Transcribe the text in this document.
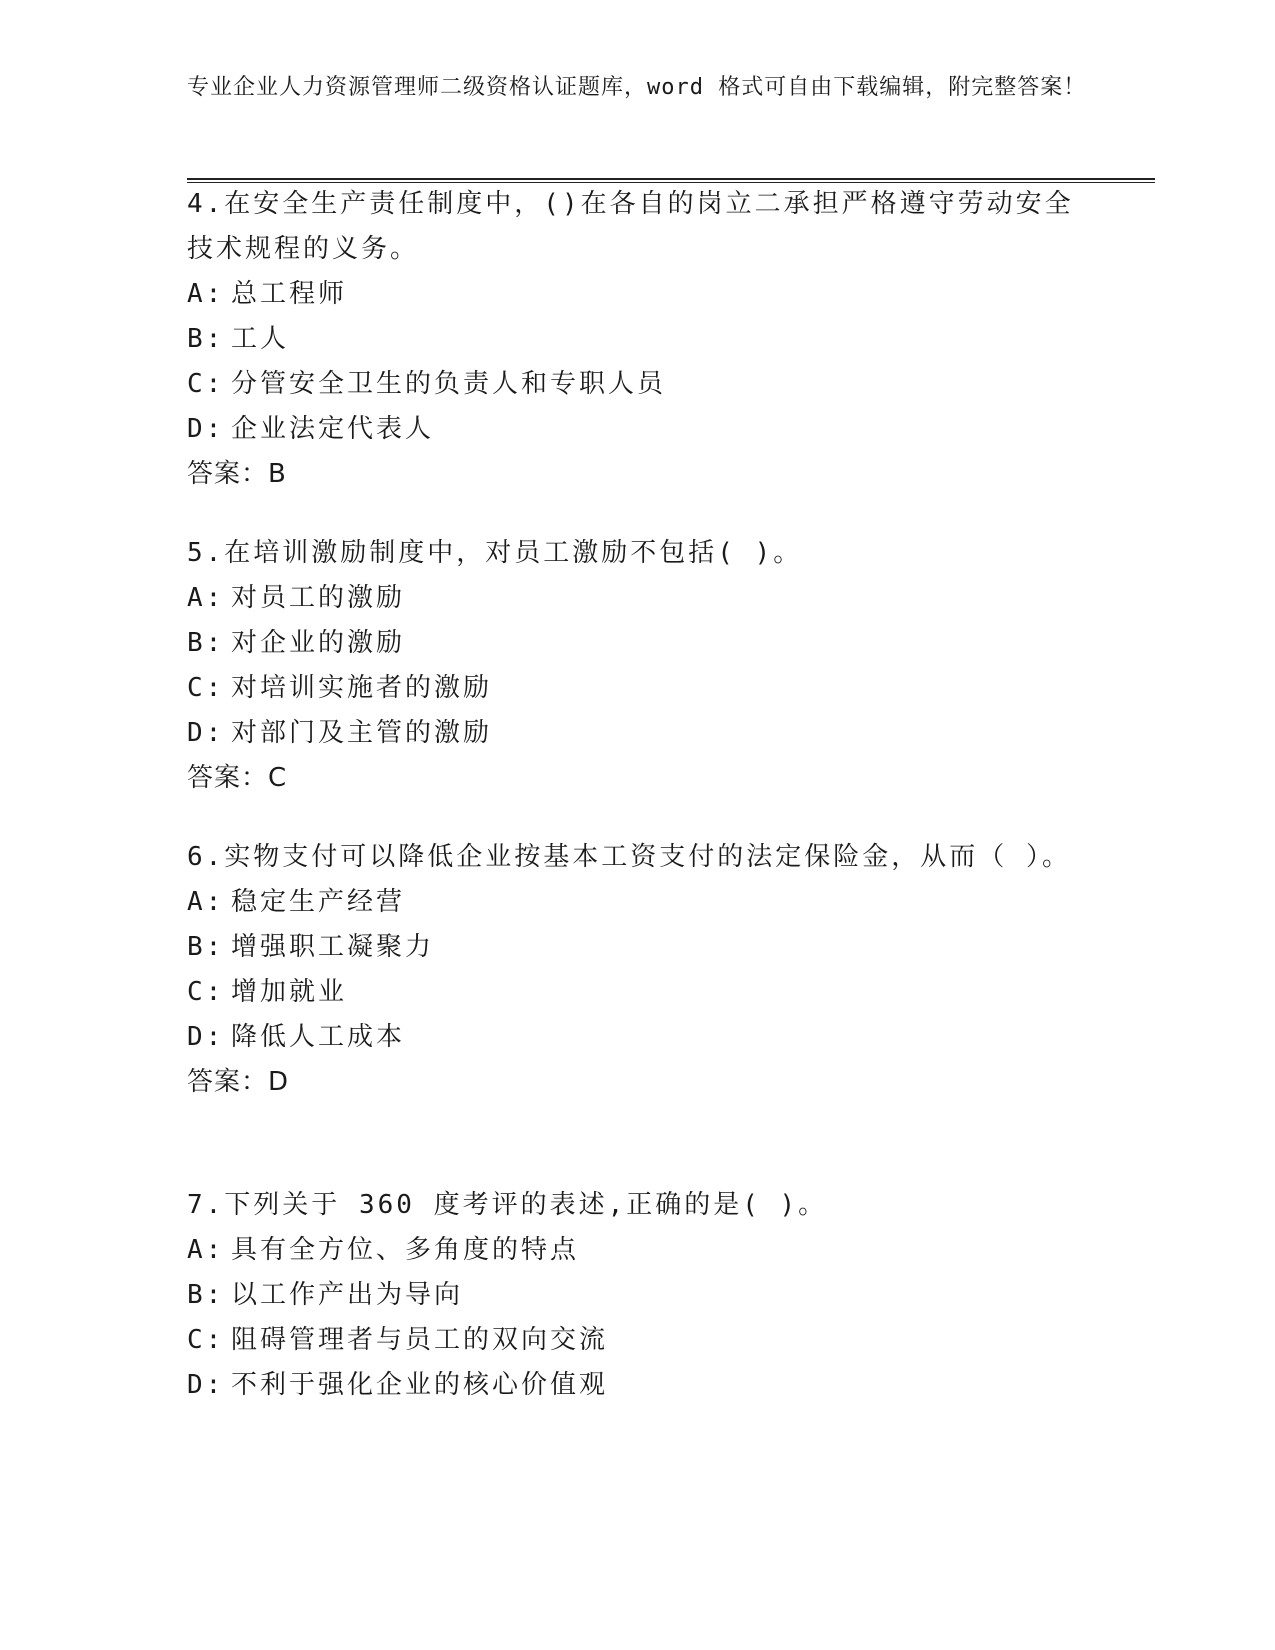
专业企业人力资源管理师二级资格认证题库，word 格式可自由下载编辑，附完整答案！
4.在安全生产责任制度中，()在各自的岗立二承担严格遵守劳动安全技术规程的义务。
A: 总工程师
B: 工人
C: 分管安全卫生的负责人和专职人员
D: 企业法定代表人
答案：B
5.在培训激励制度中，对员工激励不包括( )。
A: 对员工的激励
B: 对企业的激励
C: 对培训实施者的激励
D: 对部门及主管的激励
答案：C
6.实物支付可以降低企业按基本工资支付的法定保险金，从而（ ）。
A: 稳定生产经营
B: 增强职工凝聚力
C: 增加就业
D: 降低人工成本
答案：D
7.下列关于 360 度考评的表述,正确的是( )。
A: 具有全方位、多角度的特点
B: 以工作产出为导向
C: 阻碍管理者与员工的双向交流
D: 不利于强化企业的核心价值观
